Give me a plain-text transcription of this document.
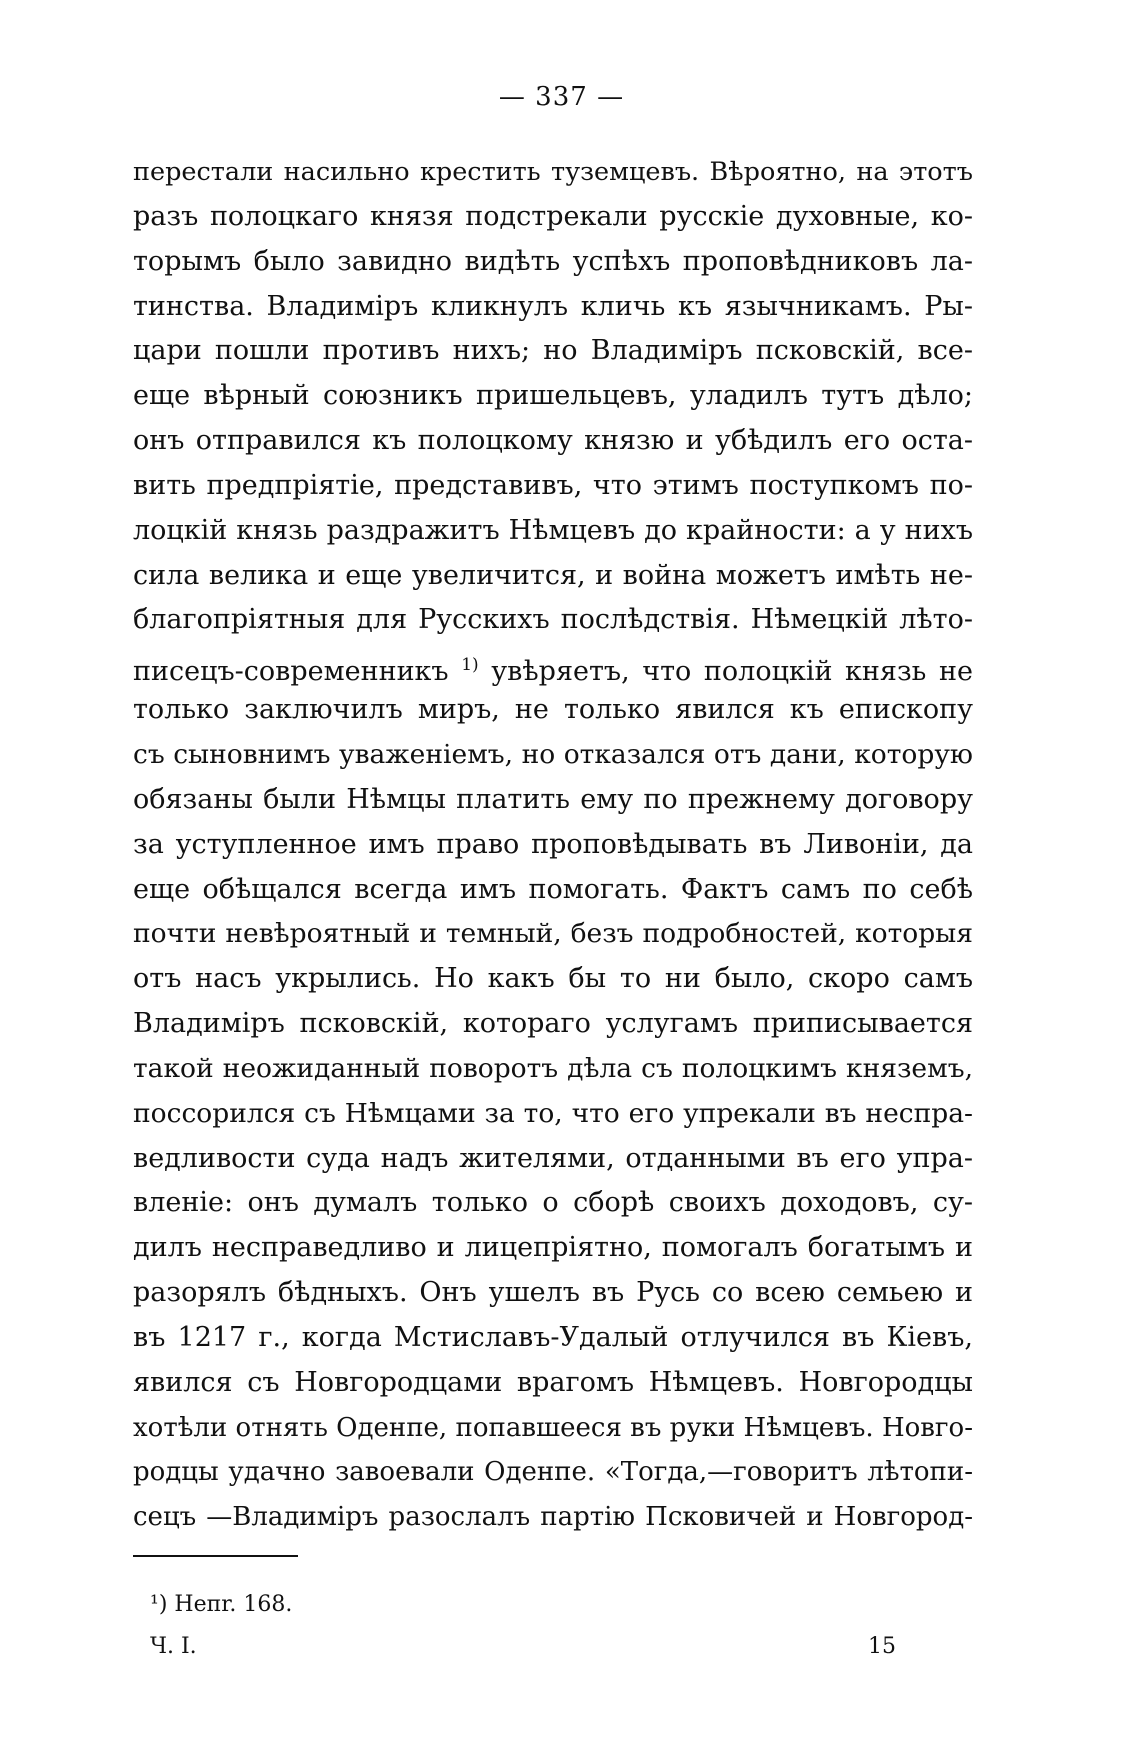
— 337 —
перестали насильно крестить туземцевъ. Вѣроятно, на этотъ
разъ полоцкаго князя подстрекали русскіе духовные, ко-
торымъ было завидно видѣть успѣхъ проповѣдниковъ ла-
тинства. Владиміръ кликнулъ кличь къ язычникамъ. Ры-
цари пошли противъ нихъ; но Владиміръ псковскій, все-
еще вѣрный союзникъ пришельцевъ, уладилъ тутъ дѣло;
онъ отправился къ полоцкому князю и убѣдилъ его оста-
вить предпріятіе, представивъ, что этимъ поступкомъ по-
лоцкій князь раздражитъ Нѣмцевъ до крайности: а у нихъ
сила велика и еще увеличится, и война можетъ имѣть не-
благопріятныя для Русскихъ послѣдствія. Нѣмецкій лѣто-
писецъ-современникъ $^{1)}$ увѣряетъ, что полоцкій князь не
только заключилъ миръ, не только явился къ епископу
съ сыновнимъ уваженіемъ, но отказался отъ дани, которую
обязаны были Нѣмцы платить ему по прежнему договору
за уступленное имъ право проповѣдывать въ Ливоніи, да
еще обѣщался всегда имъ помогать. Фактъ самъ по себѣ
почти невѣроятный и темный, безъ подробностей, которыя
отъ насъ укрылись. Но какъ бы то ни было, скоро самъ
Владиміръ псковскій, котораго услугамъ приписывается
такой неожиданный поворотъ дѣла съ полоцкимъ княземъ,
поссорился съ Нѣмцами за то, что его упрекали въ неспра-
ведливости суда надъ жителями, отданными въ его упра-
вленіе: онъ думалъ только о сборѣ своихъ доходовъ, су-
дилъ несправедливо и лицепріятно, помогалъ богатымъ и
разорялъ бѣдныхъ. Онъ ушелъ въ Русь со всею семьею и
въ 1217 г., когда Мстиславъ-Удалый отлучился въ Кіевъ,
явился съ Новгородцами врагомъ Нѣмцевъ. Новгородцы
хотѣли отнять Оденпе, попавшееся въ руки Нѣмцевъ. Новго-
родцы удачно завоевали Оденпе. «Тогда,—говоритъ лѣтопи-
сецъ —Владиміръ разослалъ партію Псковичей и Новгород-
¹) Heпr. 168.
Ч. I.	15
